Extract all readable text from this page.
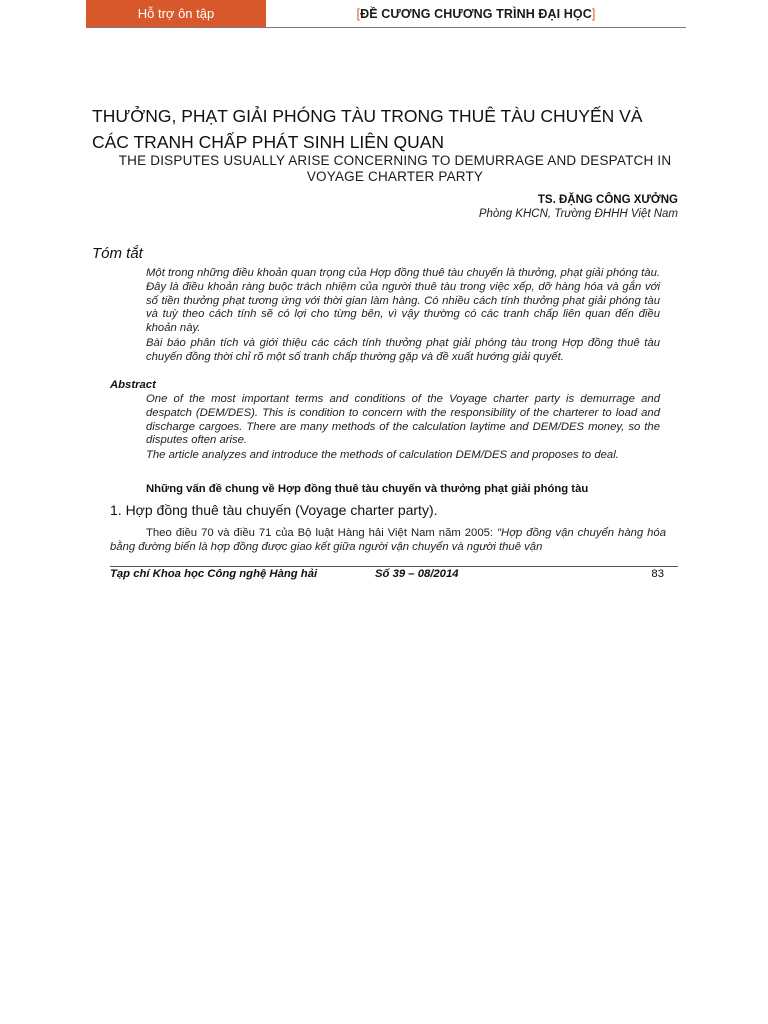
Hỗ trợ ôn tập	[ ĐỀ CƯƠNG CHƯƠNG TRÌNH ĐẠI HỌC ]
THƯỞNG, PHẠT GIẢI PHÓNG TÀU TRONG THUÊ TÀU CHUYẾN VÀ CÁC TRANH CHẤP PHÁT SINH LIÊN QUAN
THE DISPUTES USUALLY ARISE CONCERNING TO DEMURRAGE AND DESPATCH IN VOYAGE CHARTER PARTY
TS. ĐẶNG CÔNG XƯỞNG
Phòng KHCN, Trường ĐHHH Việt Nam
Tóm tắt
Một trong những điều khoản quan trọng của Hợp đồng thuê tàu chuyến là thưởng, phạt giải phóng tàu. Đây là điều khoản ràng buộc trách nhiệm của người thuê tàu trong việc xếp, dỡ hàng hóa và gắn với số tiền thưởng phạt tương ứng với thời gian làm hàng. Có nhiều cách tính thưởng phạt giải phóng tàu và tuỳ theo cách tính sẽ có lợi cho từng bên, vì vậy thường có các tranh chấp liên quan đến điều khoản này.
Bài báo phân tích và giới thiệu các cách tính thưởng phạt giải phóng tàu trong Hợp đồng thuê tàu chuyến đồng thời chỉ rõ một số tranh chấp thường gặp và đề xuất hướng giải quyết.
Abstract
One of the most important terms and conditions of the Voyage charter party is demurrage and despatch (DEM/DES). This is condition to concern with the responsibility of the charterer to load and discharge cargoes. There are many methods of the calculation laytime and DEM/DES money, so the disputes often arise.
The article analyzes and introduce the methods of calculation DEM/DES and proposes to deal.
Những vấn đề chung về Hợp đồng thuê tàu chuyến và thưởng phạt giải phóng tàu
1. Hợp đồng thuê tàu chuyến (Voyage charter party).
Theo điều 70 và điều 71 của Bộ luật Hàng hải Việt Nam năm 2005: "Hợp đồng vận chuyển hàng hóa bằng đường biển là hợp đồng được giao kết giữa người vận chuyển và người thuê vận
Tạp chí Khoa học Công nghệ Hàng hải	Số 39 – 08/2014	83
